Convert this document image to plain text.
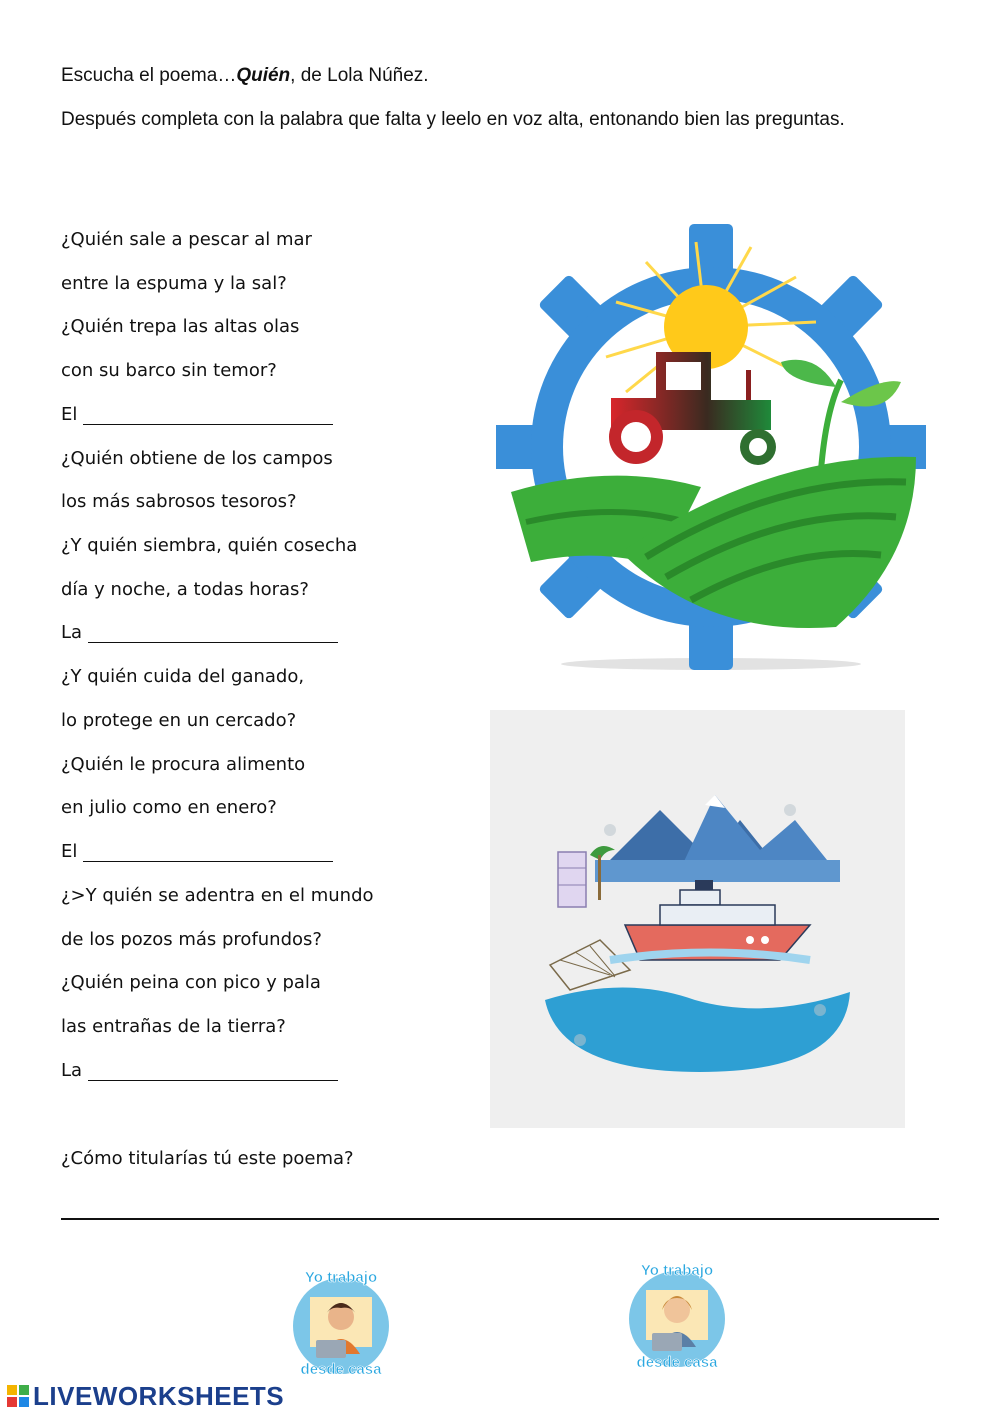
Escucha el poema…Quién, de Lola Núñez.
Después completa con la palabra que falta y leelo en voz alta, entonando bien las preguntas.
¿Quién sale a pescar al mar
entre la espuma y la sal?
¿Quién trepa las altas olas
con su barco sin temor?
El
¿Quién obtiene de los campos
los más sabrosos tesoros?
¿Y quién siembra, quién cosecha
día y noche, a todas horas?
La
¿Y quién cuida del ganado,
lo protege en un cercado?
¿Quién le procura alimento
en julio como en enero?
El
¿>Y quién se adentra en el mundo
de los pozos más profundos?
¿Quién peina con pico y pala
las entrañas de la tierra?
La
¿Cómo titularías tú este poema?
Yo trabajo
desde casa
Yo trabajo
desde casa
LIVEWORKSHEETS
